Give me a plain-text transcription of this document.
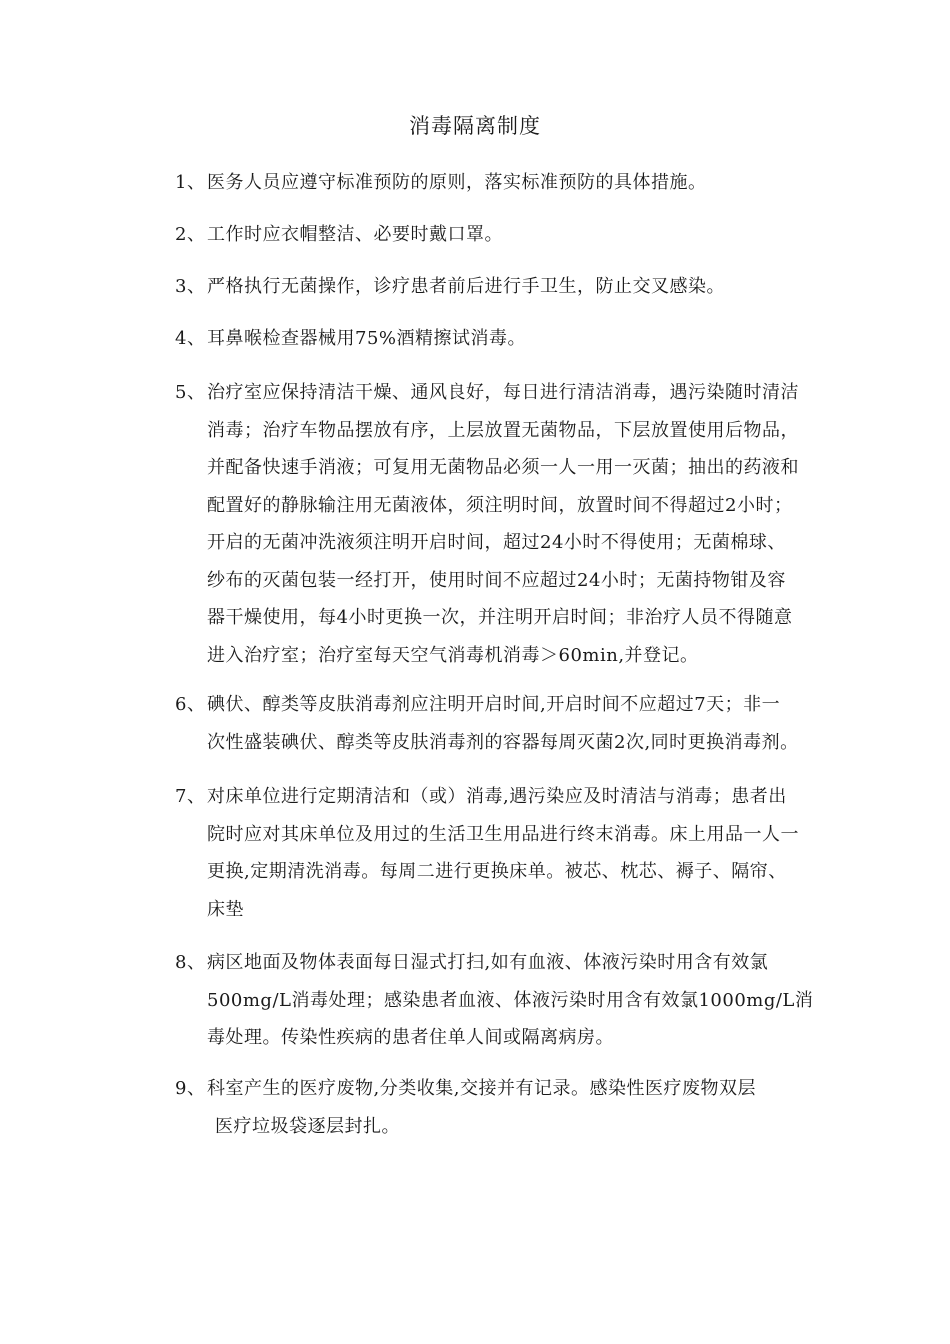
消毒隔离制度
1、医务人员应遵守标准预防的原则，落实标准预防的具体措施。
2、工作时应衣帽整洁、必要时戴口罩。
3、严格执行无菌操作，诊疗患者前后进行手卫生，防止交叉感染。
4、耳鼻喉检查器械用75%酒精擦试消毒。
5、治疗室应保持清洁干燥、通风良好，每日进行清洁消毒，遇污染随时清洁
消毒；治疗车物品摆放有序，上层放置无菌物品，下层放置使用后物品，
并配备快速手消液；可复用无菌物品必须一人一用一灭菌；抽出的药液和
配置好的静脉输注用无菌液体，须注明时间，放置时间不得超过2小时；
开启的无菌冲洗液须注明开启时间，超过24小时不得使用；无菌棉球、
纱布的灭菌包装一经打开，使用时间不应超过24小时；无菌持物钳及容
器干燥使用，每4小时更换一次，并注明开启时间；非治疗人员不得随意
进入治疗室；治疗室每天空气消毒机消毒＞60min,并登记。
6、碘伏、醇类等皮肤消毒剂应注明开启时间,开启时间不应超过7天；非一
次性盛装碘伏、醇类等皮肤消毒剂的容器每周灭菌2次,同时更换消毒剂。
7、对床单位进行定期清洁和（或）消毒,遇污染应及时清洁与消毒；患者出
院时应对其床单位及用过的生活卫生用品进行终末消毒。床上用品一人一
更换,定期清洗消毒。每周二进行更换床单。被芯、枕芯、褥子、隔帘、
床垫
8、病区地面及物体表面每日湿式打扫,如有血液、体液污染时用含有效氯
500mg/L消毒处理；感染患者血液、体液污染时用含有效氯1000mg/L消
毒处理。传染性疾病的患者住单人间或隔离病房。
9、科室产生的医疗废物,分类收集,交接并有记录。感染性医疗废物双层
医疗垃圾袋逐层封扎。
